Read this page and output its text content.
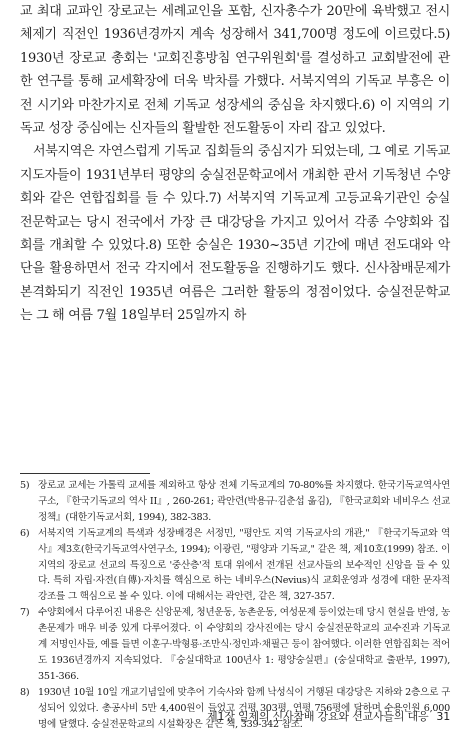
교 최대 교파인 장로교는 세례교인을 포함, 신자총수가 20만에 육박했고 전시체제기 직전인 1936년경까지 계속 성장해서 341,700명 정도에 이르렀다.5) 1930년 장로교 총회는 '교회진흥방침 연구위원회'를 결성하고 교회발전에 관한 연구를 통해 교세확장에 더욱 박차를 가했다. 서북지역의 기독교 부흥은 이전 시기와 마찬가지로 전체 기독교 성장세의 중심을 차지했다.6) 이 지역의 기독교 성장 중심에는 신자들의 활발한 전도활동이 자리 잡고 있었다.

서북지역은 자연스럽게 기독교 집회들의 중심지가 되었는데, 그 예로 기독교 지도자들이 1931년부터 평양의 숭실전문학교에서 개최한 관서 기독청년 수양회와 같은 연합집회를 들 수 있다.7) 서북지역 기독교계 고등교육기관인 숭실전문학교는 당시 전국에서 가장 큰 대강당을 가지고 있어서 각종 수양회와 집회를 개최할 수 있었다.8) 또한 숭실은 1930~35년 기간에 매년 전도대와 악단을 활용하면서 전국 각지에서 전도활동을 진행하기도 했다. 신사참배문제가 본격화되기 직전인 1935년 여름은 그러한 활동의 정점이었다. 숭실전문학교는 그 해 여름 7월 18일부터 25일까지 하

5) 장로교 교세는 가톨릭 교세를 제외하고 항상 전체 기독교계의 70-80%를 차지했다. 한국기독교역사연구소, 『한국기독교의 역사 II』, 260-261; 곽안련(박용규·김춘섭 옮김), 『한국교회와 네비우스 선교정책』(대한기독교서회, 1994), 382-383.
6) 서북지역 기독교계의 특색과 성장배경은 서정민, "평안도 지역 기독교사의 개관," 『한국기독교와 역사』제3호(한국기독교역사연구소, 1994); 이광린, "평양과 기독교," 같은 책, 제10호(1999) 참조. 이 지역의 장로교 선교의 특징으로 '중산층'적 토대 위에서 전개된 선교사들의 보수적인 신앙을 들 수 있다. 특히 자립·자전(自傳)·자치를 핵심으로 하는 네비우스(Nevius)식 교회운영과 성경에 대한 문자적 강조를 그 핵심으로 볼 수 있다. 이에 대해서는 곽안련, 같은 책, 327-357.
7) 수양회에서 다루어진 내용은 신앙문제, 청년운동, 농촌운동, 여성문제 등이었는데 당시 현실을 반영, 농촌문제가 매우 비중 있게 다루어졌다. 이 수양회의 강사진에는 당시 숭실전문학교의 교수진과 기독교계 저명인사들, 예를 들면 이훈구·박형룡·조만식·정인과·채필근 등이 참여했다. 이러한 연합집회는 적어도 1936년경까지 지속되었다. 『숭실대학교 100년사 1: 평양숭실편』(숭실대학교 출판부, 1997), 351-366.
8) 1930년 10월 10일 개교기념일에 맞추어 기숙사와 함께 낙성식이 거행된 대강당은 지하와 2층으로 구성되어 있었다. 총공사비 5만 4,400원이 들었고 건평 303평, 연평 756평에 달하며 수용인원 6,000명에 달했다. 숭실전문학교의 시설확장은 같은 책, 339-342 참조.
제1장 일제의 신사참배 강요와 선교사들의 대응 31
